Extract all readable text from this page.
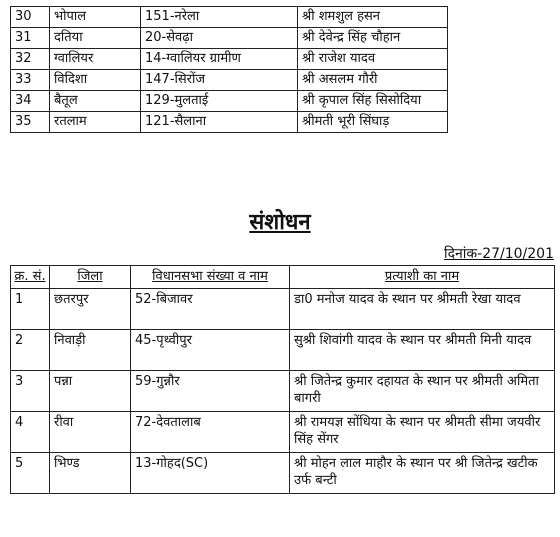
30	भोपाल	151-नरेला	श्री शमशुल हसन
31	दतिया	20-सेवढ़ा	श्री देवेन्द्र सिंह चौहान
32	ग्वालियर	14-ग्वालियर ग्रामीण	श्री राजेश यादव
33	विदिशा	147-सिरोंज	श्री असलम गौरी
34	बैतूल	129-मुलताई	श्री कृपाल सिंह सिसोदिया
35	रतलाम	121-सैलाना	श्रीमती भूरी सिंघाड़
संशोधन
दिनांक-27/10/201
क्र. सं.	जिला	विधानसभा संख्या व नाम	प्रत्याशी का नाम
1	छतरपुर	52-बिजावर	डा0 मनोज यादव के स्थान पर श्रीमती रेखा यादव
2	निवाड़ी	45-पृथ्वीपुर	सुश्री शिवांगी यादव के स्थान पर श्रीमती मिनी यादव
3	पन्ना	59-गुन्नौर	श्री जितेन्द्र कुमार दहायत के स्थान पर श्रीमती अमिता बागरी
4	रीवा	72-देवतालाब	श्री रामयज्ञ सोंधिया के स्थान पर श्रीमती सीमा जयवीर सिंह सेंगर
5	भिण्ड	13-गोहद(SC)	श्री मोहन लाल माहौर के स्थान पर श्री जितेन्द्र खटीक उर्फ बन्टी
